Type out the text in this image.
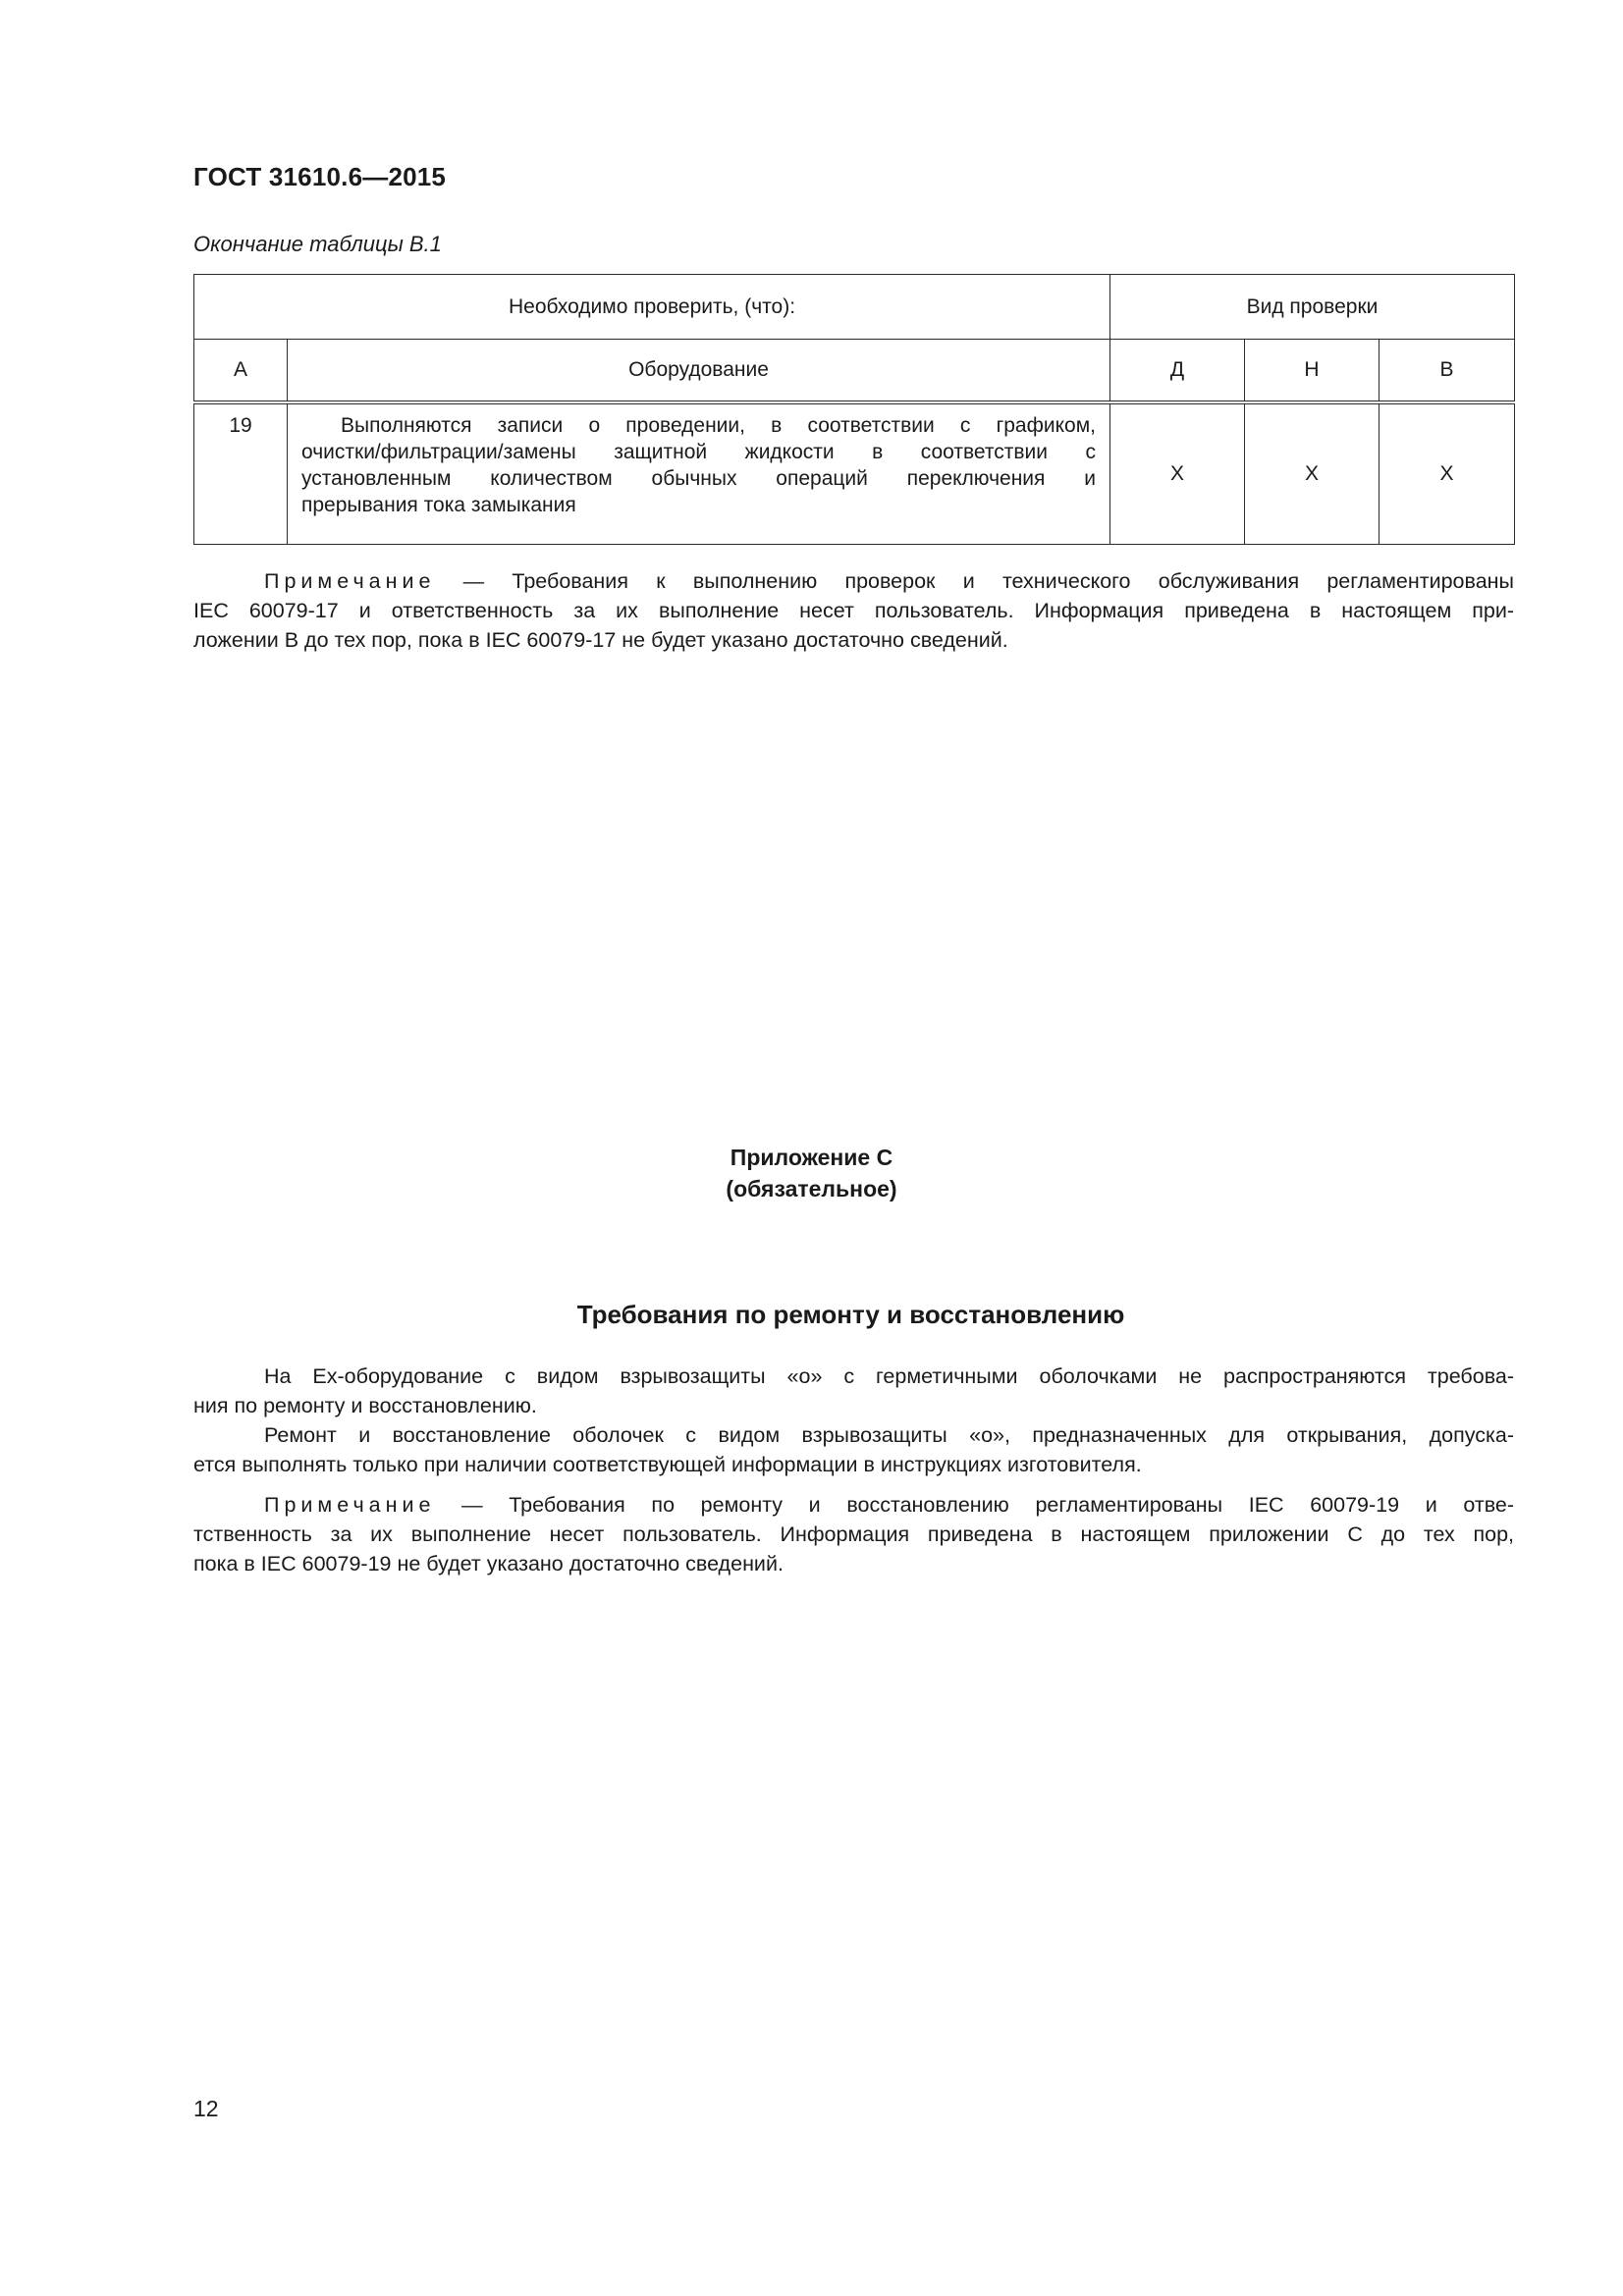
ГОСТ 31610.6—2015
Окончание таблицы В.1
Необходимо проверить, (что):		Вид проверки		
А	Оборудование	Д	Н	В
19	Выполняются записи о проведении, в соответствии с графиком,
очистки/фильтрации/замены защитной жидкости в соответствии с
установленным количеством обычных операций переключения и
прерывания тока замыкания	X	X	X
Примечание — Требования к выполнению проверок и технического обслуживания регламентированы
IEC 60079-17 и ответственность за их выполнение несет пользователь. Информация приведена в настоящем при-
ложении В до тех пор, пока в IEC 60079-17 не будет указано достаточно сведений.
Приложение С
(обязательное)
Требования по ремонту и восстановлению
На Ex-оборудование с видом взрывозащиты «о» с герметичными оболочками не распространяются требова-
ния по ремонту и восстановлению.
Ремонт и восстановление оболочек с видом взрывозащиты «о», предназначенных для открывания, допуска-
ется выполнять только при наличии соответствующей информации в инструкциях изготовителя.
Примечание — Требования по ремонту и восстановлению регламентированы IEC 60079-19 и отве-
тственность за их выполнение несет пользователь. Информация приведена в настоящем приложении С до тех пор,
пока в IEC 60079-19 не будет указано достаточно сведений.
12
